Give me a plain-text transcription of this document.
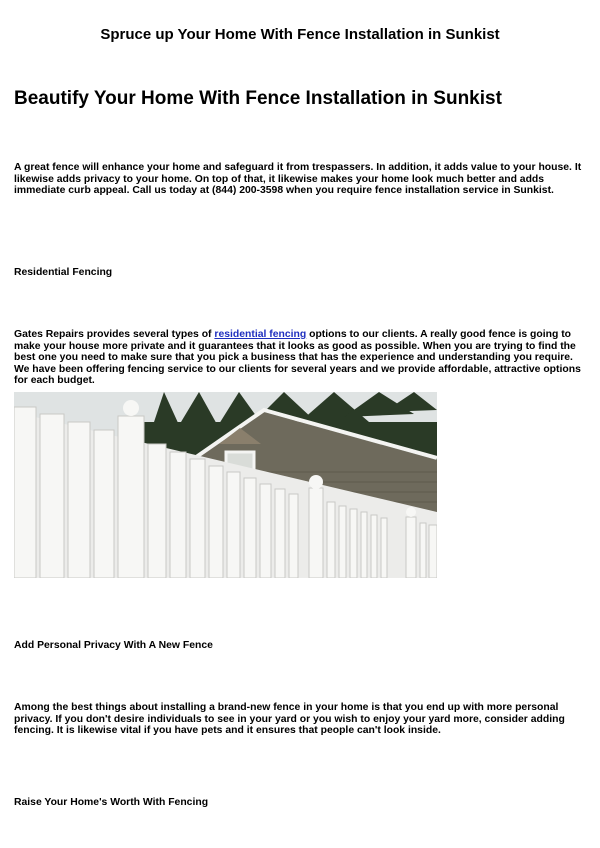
Spruce up Your Home With Fence Installation in Sunkist
Beautify Your Home With Fence Installation in Sunkist

A great fence will enhance your home and safeguard it from trespassers. In addition, it adds value to your house. It likewise adds privacy to your home. On top of that, it likewise makes your home look much better and adds immediate curb appeal. Call us today at (844) 200-3598 when you require fence installation service in Sunkist.

Residential Fencing

Gates Repairs provides several types of residential fencing options to our clients. A really good fence is going to make your house more private and it guarantees that it looks as good as possible. When you are trying to find the best one you need to make sure that you pick a business that has the experience and understanding you require. We have been offering fencing service to our clients for several years and we provide affordable, attractive options for each budget.

Add Personal Privacy With A New Fence

Among the best things about installing a brand-new fence in your home is that you end up with more personal privacy. If you don't desire individuals to see in your yard or you wish to enjoy your yard more, consider adding fencing. It is likewise vital if you have pets and it ensures that people can't look inside.

Raise Your Home's Worth With Fencing
